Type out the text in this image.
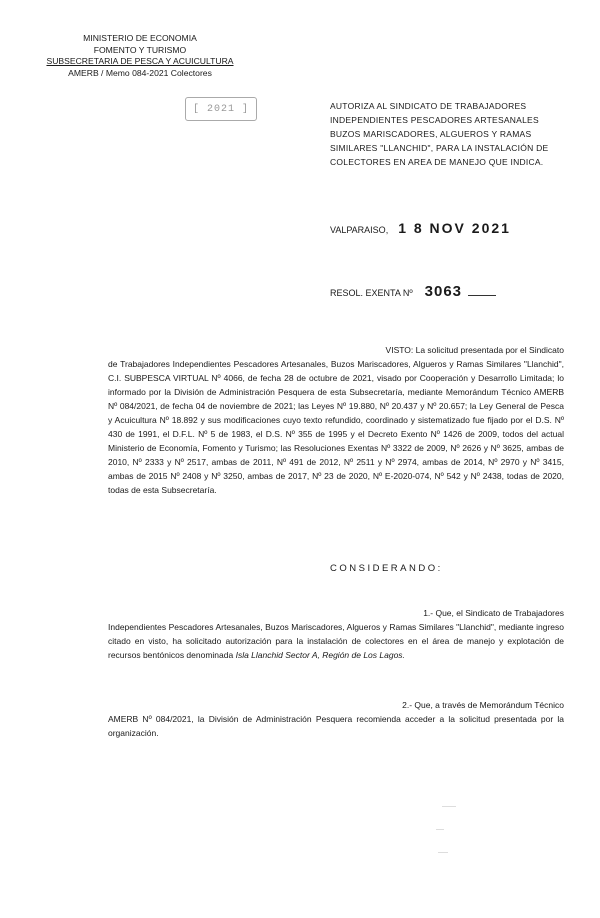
MINISTERIO DE ECONOMIA
FOMENTO Y TURISMO
SUBSECRETARIA DE PESCA Y ACUICULTURA
AMERB / Memo 084-2021 Colectores
[ 2021 ]	AUTORIZA AL SINDICATO DE TRABAJADORES
INDEPENDIENTES PESCADORES ARTESANALES
BUZOS MARISCADORES, ALGUEROS Y RAMAS
SIMILARES "LLANCHID", PARA LA INSTALACIÓN DE
COLECTORES EN AREA DE MANEJO QUE INDICA.
VALPARAISO, 1 8 NOV 2021
RESOL. EXENTA Nº 3063
VISTO: La solicitud presentada por el Sindicato
de Trabajadores Independientes Pescadores Artesanales, Buzos Mariscadores, Algueros y Ramas Similares "Llanchid", C.I. SUBPESCA VIRTUAL Nº 4066, de fecha 28 de octubre de 2021, visado por Cooperación y Desarrollo Limitada; lo informado por la División de Administración Pesquera de esta Subsecretaría, mediante Memorándum Técnico AMERB Nº 084/2021, de fecha 04 de noviembre de 2021; las Leyes Nº 19.880, Nº 20.437 y Nº 20.657; la Ley General de Pesca y Acuicultura Nº 18.892 y sus modificaciones cuyo texto refundido, coordinado y sistematizado fue fijado por el D.S. Nº 430 de 1991, el D.F.L. Nº 5 de 1983, el D.S. Nº 355 de 1995 y el Decreto Exento Nº 1426 de 2009, todos del actual Ministerio de Economía, Fomento y Turismo; las Resoluciones Exentas Nº 3322 de 2009, Nº 2626 y Nº 3625, ambas de 2010, Nº 2333 y Nº 2517, ambas de 2011, Nº 491 de 2012, Nº 2511 y Nº 2974, ambas de 2014, Nº 2970 y Nº 3415, ambas de 2015 Nº 2408 y Nº 3250, ambas de 2017, Nº 23 de 2020, Nº E-2020-074, Nº 542 y Nº 2438, todas de 2020, todas de esta Subsecretaría.
CONSIDERANDO:
1.- Que, el Sindicato de Trabajadores
Independientes Pescadores Artesanales, Buzos Mariscadores, Algueros y Ramas Similares "Llanchid", mediante ingreso citado en visto, ha solicitado autorización para la instalación de colectores en el área de manejo y explotación de recursos bentónicos denominada Isla Llanchid Sector A, Región de Los Lagos.
2.- Que, a través de Memorándum Técnico
AMERB Nº 084/2021, la División de Administración Pesquera recomienda acceder a la solicitud presentada por la organización.
